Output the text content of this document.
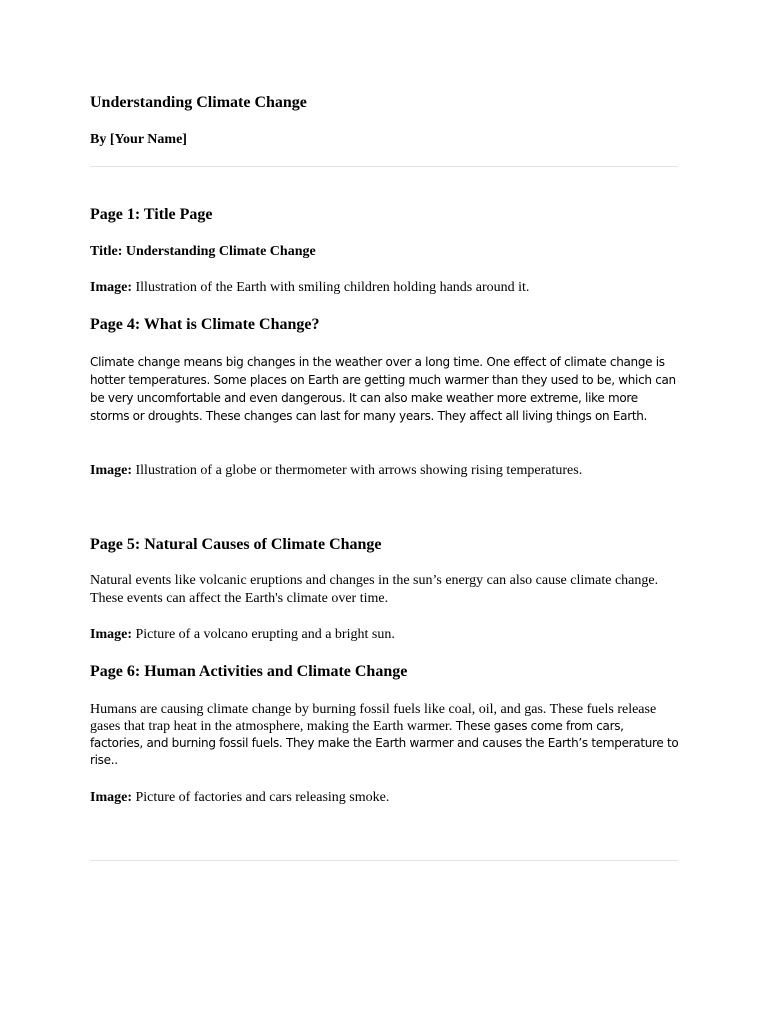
Understanding Climate Change

By [Your Name]

Page 1: Title Page

Title: Understanding Climate Change

Image: Illustration of the Earth with smiling children holding hands around it.

Page 4: What is Climate Change?

Climate change means big changes in the weather over a long time. One effect of climate change is hotter temperatures. Some places on Earth are getting much warmer than they used to be, which can be very uncomfortable and even dangerous. It can also make weather more extreme, like more storms or droughts. These changes can last for many years. They affect all living things on Earth.

Image: Illustration of a globe or thermometer with arrows showing rising temperatures.

Page 5: Natural Causes of Climate Change

Natural events like volcanic eruptions and changes in the sun’s energy can also cause climate change. These events can affect the Earth's climate over time.

Image: Picture of a volcano erupting and a bright sun.

Page 6: Human Activities and Climate Change

Humans are causing climate change by burning fossil fuels like coal, oil, and gas. These fuels release gases that trap heat in the atmosphere, making the Earth warmer. These gases come from cars, factories, and burning fossil fuels. They make the Earth warmer and causes the Earth’s temperature to rise..

Image: Picture of factories and cars releasing smoke.
